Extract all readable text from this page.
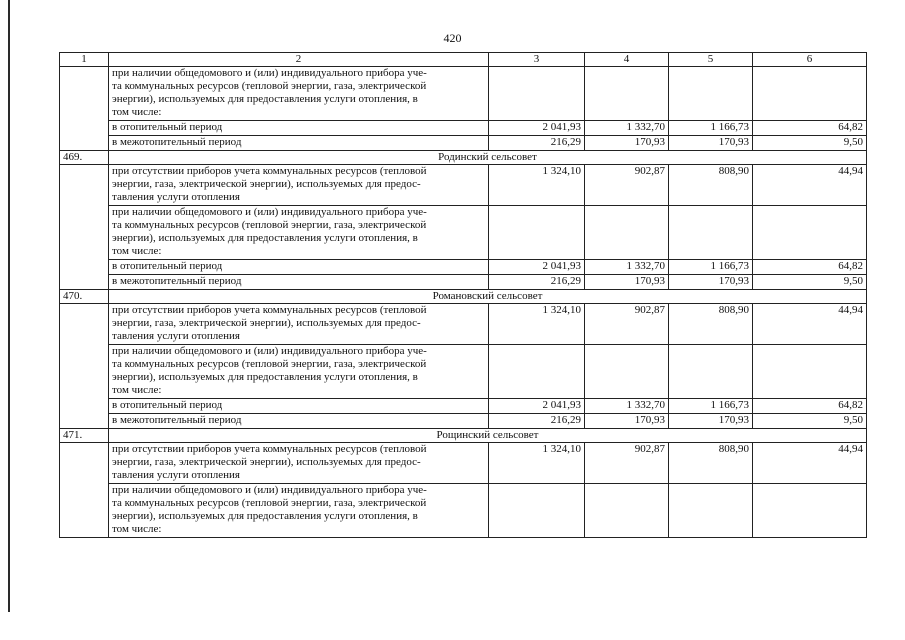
420
1	2	3	4	5	6
	при наличии общедомового и (или) индивидуального прибора уче-
та коммунальных ресурсов (тепловой энергии, газа, электрической
энергии), используемых для предоставления услуги отопления, в
том числе:				
	в отопительный период	2 041,93	1 332,70	1 166,73	64,82
	в межотопительный период	216,29	170,93	170,93	9,50
469.	Родинский сельсовет				
	при отсутствии приборов учета коммунальных ресурсов (тепловой
энергии, газа, электрической энергии), используемых для предос-
тавления услуги отопления	1 324,10	902,87	808,90	44,94
	при наличии общедомового и (или) индивидуального прибора уче-
та коммунальных ресурсов (тепловой энергии, газа, электрической
энергии), используемых для предоставления услуги отопления, в
том числе:				
	в отопительный период	2 041,93	1 332,70	1 166,73	64,82
	в межотопительный период	216,29	170,93	170,93	9,50
470.	Романовский сельсовет				
	при отсутствии приборов учета коммунальных ресурсов (тепловой
энергии, газа, электрической энергии), используемых для предос-
тавления услуги отопления	1 324,10	902,87	808,90	44,94
	при наличии общедомового и (или) индивидуального прибора уче-
та коммунальных ресурсов (тепловой энергии, газа, электрической
энергии), используемых для предоставления услуги отопления, в
том числе:				
	в отопительный период	2 041,93	1 332,70	1 166,73	64,82
	в межотопительный период	216,29	170,93	170,93	9,50
471.	Рощинский сельсовет				
	при отсутствии приборов учета коммунальных ресурсов (тепловой
энергии, газа, электрической энергии), используемых для предос-
тавления услуги отопления	1 324,10	902,87	808,90	44,94
	при наличии общедомового и (или) индивидуального прибора уче-
та коммунальных ресурсов (тепловой энергии, газа, электрической
энергии), используемых для предоставления услуги отопления, в
том числе:				
